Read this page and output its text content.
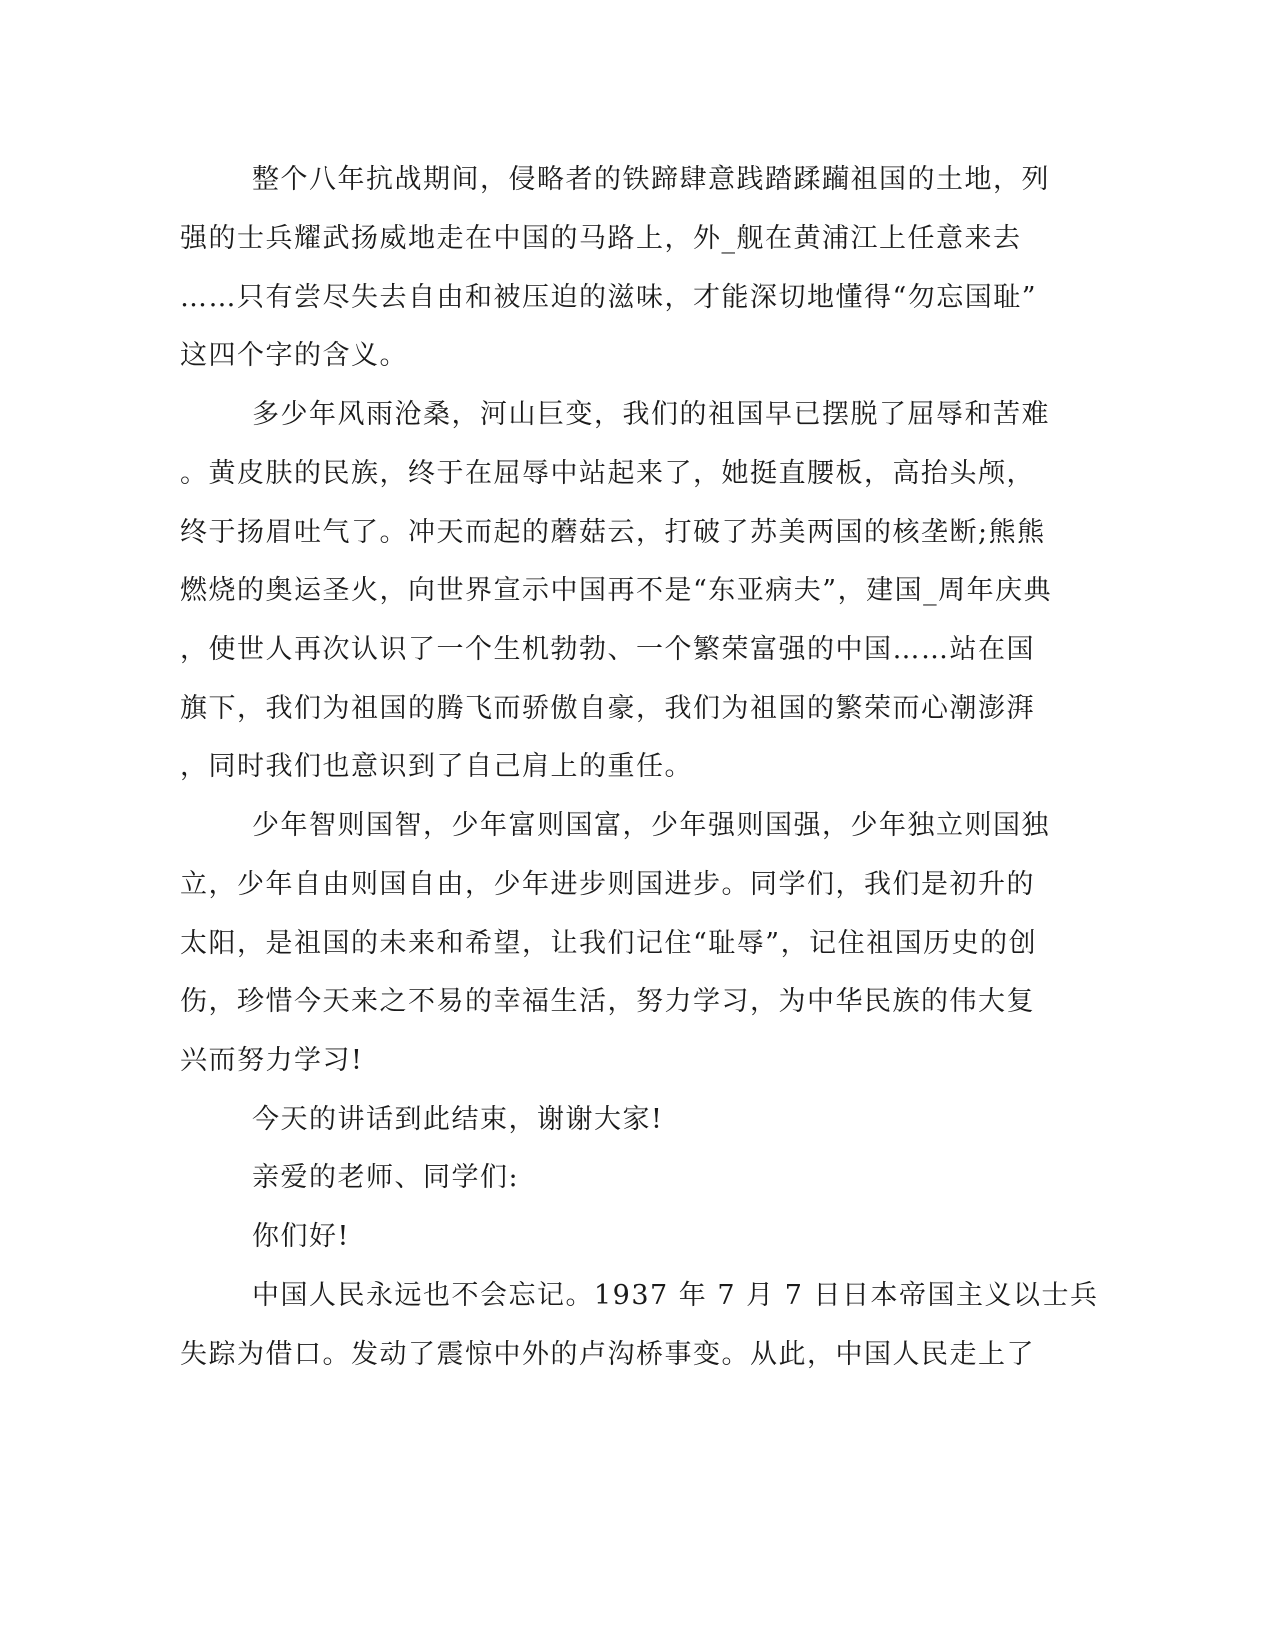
整个八年抗战期间，侵略者的铁蹄肆意践踏蹂躏祖国的土地，列
强的士兵耀武扬威地走在中国的马路上，外_舰在黄浦江上任意来去
……只有尝尽失去自由和被压迫的滋味，才能深切地懂得“勿忘国耻”
这四个字的含义。
多少年风雨沧桑，河山巨变，我们的祖国早已摆脱了屈辱和苦难
。黄皮肤的民族，终于在屈辱中站起来了，她挺直腰板，高抬头颅，
终于扬眉吐气了。冲天而起的蘑菇云，打破了苏美两国的核垄断;熊熊
燃烧的奥运圣火，向世界宣示中国再不是“东亚病夫”，建国_周年庆典
，使世人再次认识了一个生机勃勃、一个繁荣富强的中国……站在国
旗下，我们为祖国的腾飞而骄傲自豪，我们为祖国的繁荣而心潮澎湃
，同时我们也意识到了自己肩上的重任。
少年智则国智，少年富则国富，少年强则国强，少年独立则国独
立，少年自由则国自由，少年进步则国进步。同学们，我们是初升的
太阳，是祖国的未来和希望，让我们记住“耻辱”，记住祖国历史的创
伤，珍惜今天来之不易的幸福生活，努力学习，为中华民族的伟大复
兴而努力学习!
今天的讲话到此结束，谢谢大家!
亲爱的老师、同学们:
你们好!
中国人民永远也不会忘记。1937 年 7 月 7 日日本帝国主义以士兵
失踪为借口。发动了震惊中外的卢沟桥事变。从此，中国人民走上了
